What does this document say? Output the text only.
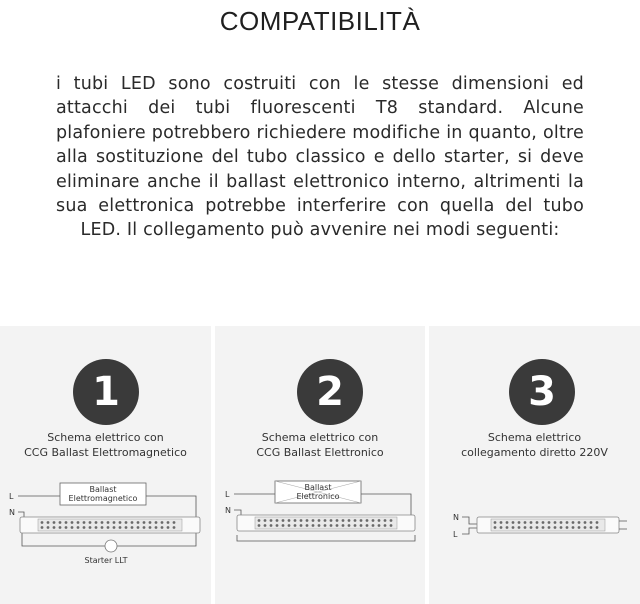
COMPATIBILITÀ
i tubi LED sono costruiti con le stesse dimensioni ed attacchi dei tubi fluorescenti T8 standard. Alcune plafoniere potrebbero richiedere modifiche in quanto, oltre alla sostituzione del tubo classico e dello starter, si deve eliminare anche il ballast elettronico interno, altrimenti la sua elettronica potrebbe interferire con quella del tubo LED. Il collegamento può avvenire nei modi seguenti:
1
Schema elettrico con
CCG Ballast Elettromagnetico
L
N
Ballast
Elettromagnetico
Starter LLT
2
Schema elettrico con
CCG Ballast Elettronico
L
N
Ballast
Elettronico
3
Schema elettrico
collegamento diretto 220V
N
L
